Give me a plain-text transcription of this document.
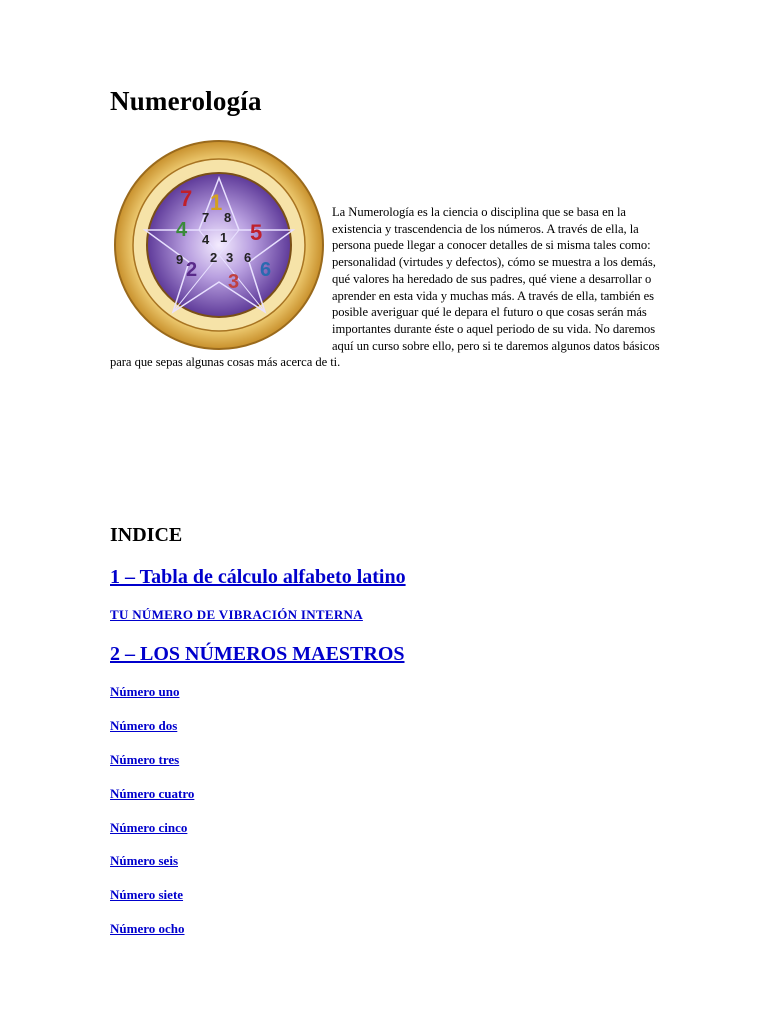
Numerología
7 1
4	5
6
2
3
7 8
4 1
2 3
9	6

La Numerología es la ciencia o disciplina que se basa en la existencia y trascendencia de los números. A través de ella, la persona puede llegar a conocer detalles de si misma tales como: personalidad (virtudes y defectos), cómo se muestra a los demás, qué valores ha heredado de sus padres, qué viene a desarrollar o aprender en esta vida y muchas más. A través de ella, también es posible averiguar qué le depara el futuro o que cosas serán más importantes durante éste o aquel periodo de su vida. No daremos aquí un curso sobre ello, pero si te daremos algunos datos básicos para que sepas algunas cosas más acerca de ti.

INDICE
1 – Tabla de cálculo alfabeto latino
TU NÚMERO DE VIBRACIÓN INTERNA
2 – LOS NÚMEROS MAESTROS
Número uno
Número dos
Número tres
Número cuatro
Número cinco
Número seis
Número siete
Número ocho
